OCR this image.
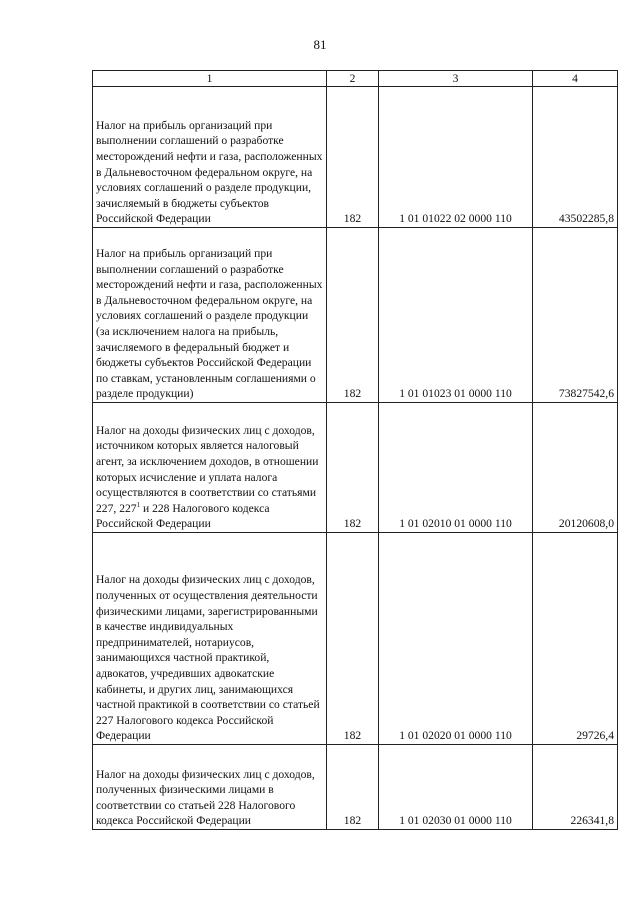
81
1	2	3	4
Налог на прибыль организаций при выполнении соглашений о разработке месторождений нефти и газа, расположенных в Дальневосточном федеральном округе, на условиях соглашений о разделе продукции, зачисляемый в бюджеты субъектов Российской Федерации	182	1 01 01022 02 0000 110	43502285,8
Налог на прибыль организаций при выполнении соглашений о разработке месторождений нефти и газа, расположенных в Дальневосточном федеральном округе, на условиях соглашений о разделе продукции (за исключением налога на прибыль, зачисляемого в федеральный бюджет и бюджеты субъектов Российской Федерации по ставкам, установленным соглашениями о разделе продукции)	182	1 01 01023 01 0000 110	73827542,6
Налог на доходы физических лиц с доходов, источником которых является налоговый агент, за исключением доходов, в отношении которых исчисление и уплата налога осуществляются в соответствии со статьями 227, $227^1$ и 228 Налогового кодекса Российской Федерации	182	1 01 02010 01 0000 110	20120608,0
Налог на доходы физических лиц с доходов, полученных от осуществления деятельности физическими лицами, зарегистрированными в качестве индивидуальных предпринимателей, нотариусов, занимающихся частной практикой, адвокатов, учредивших адвокатские кабинеты, и других лиц, занимающихся частной практикой в соответствии со статьей 227 Налогового кодекса Российской Федерации	182	1 01 02020 01 0000 110	29726,4
Налог на доходы физических лиц с доходов, полученных физическими лицами в соответствии со статьей 228 Налогового кодекса Российской Федерации	182	1 01 02030 01 0000 110	226341,8
